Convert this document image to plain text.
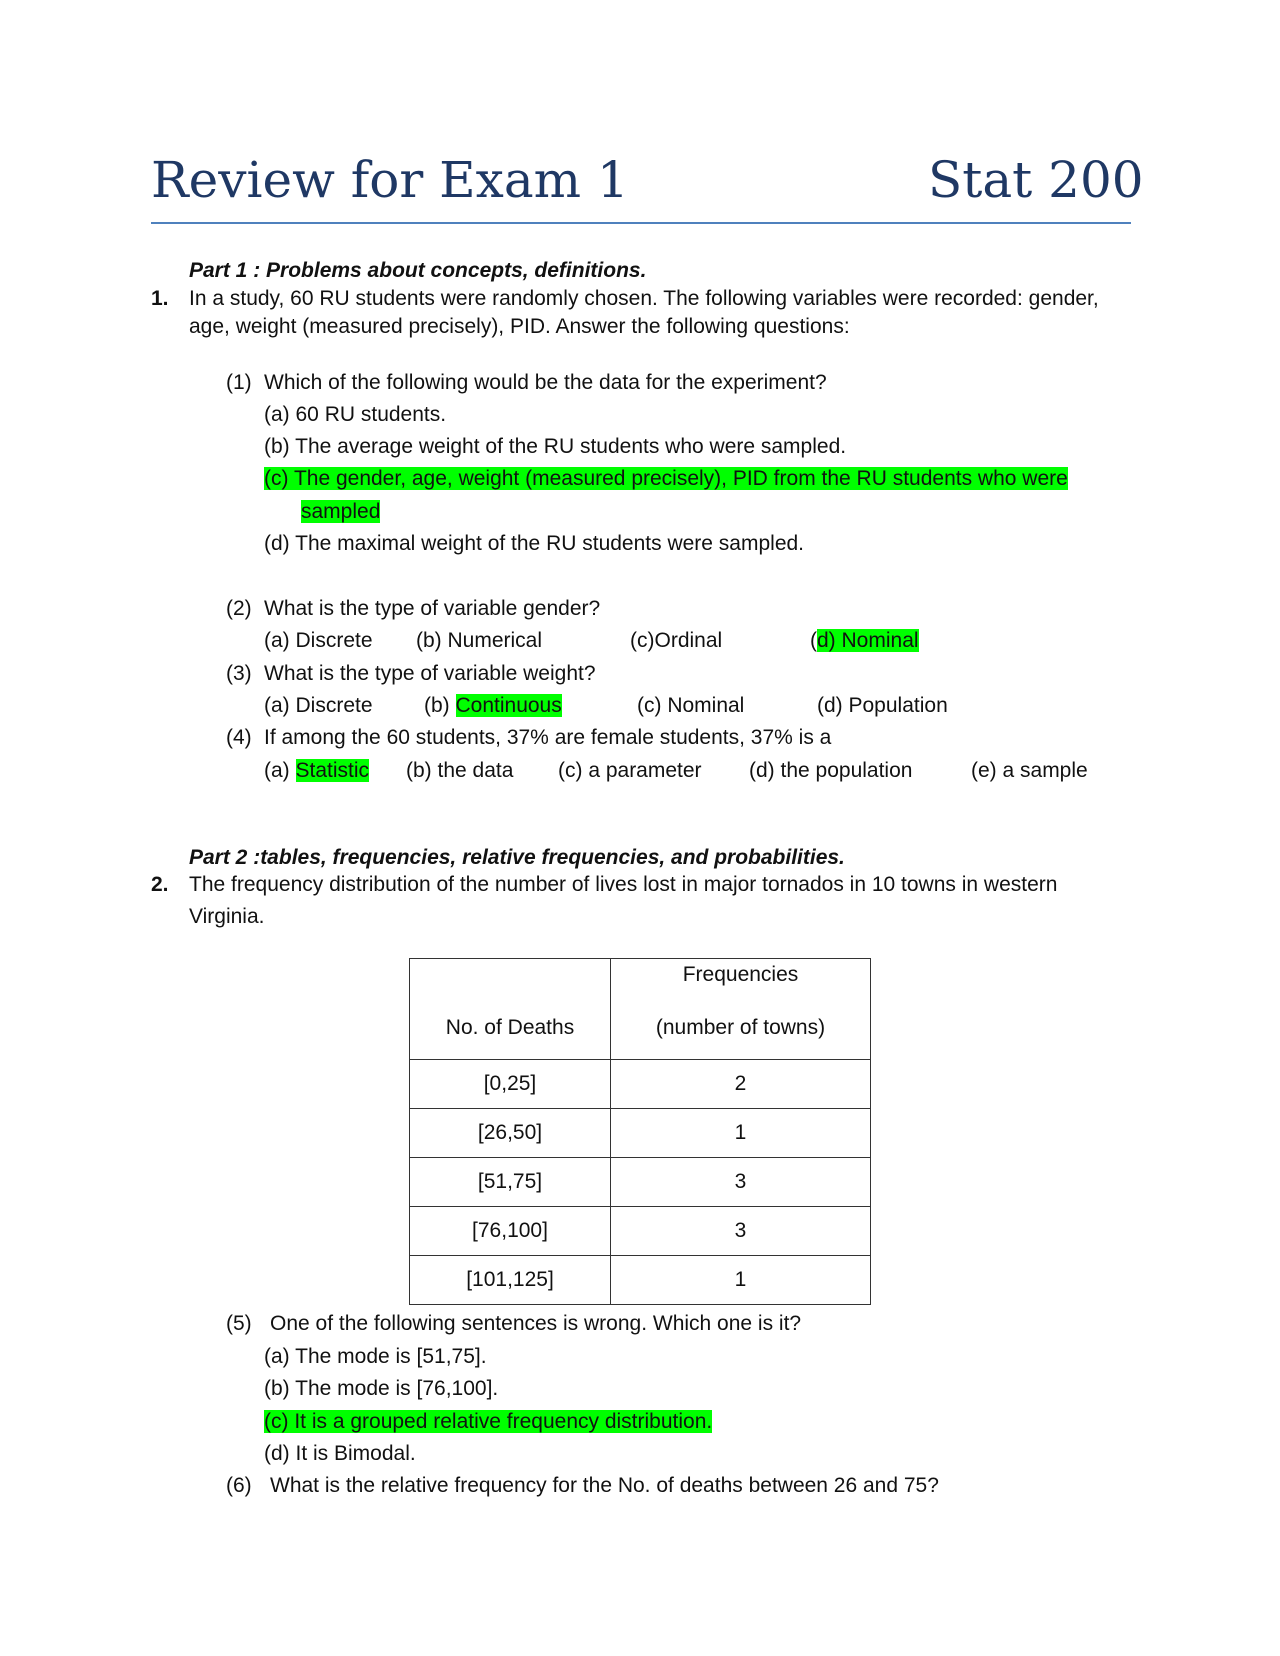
Review for Exam 1	Stat 200
Part 1 : Problems about concepts, definitions.
1. In a study, 60 RU students were randomly chosen. The following variables were recorded: gender,
age, weight (measured precisely), PID. Answer the following questions:
(1) Which of the following would be the data for the experiment?
(a) 60 RU students.
(b) The average weight of the RU students who were sampled.
(c) The gender, age, weight (measured precisely), PID from the RU students who were
sampled
(d) The maximal weight of the RU students were sampled.
(2) What is the type of variable gender?
(a) Discrete (b) Numerical	(c)Ordinal	(d) Nominal
(3) What is the type of variable weight?
(a) Discrete (b) Continuous	(c) Nominal	(d) Population
(4) If among the 60 students, 37% are female students, 37% is a
(a) Statistic (b) the data (c) a parameter (d) the population	(e) a sample
Part 2 :tables, frequencies, relative frequencies, and probabilities.
2. The frequency distribution of the number of lives lost in major tornados in 10 towns in western
Virginia.
No. of Deaths	Frequencies
(number of towns)

[0,25]	2
[26,50]	1
[51,75]	3
[76,100]	3
[101,125]	1
(5) One of the following sentences is wrong. Which one is it?
(a) The mode is [51,75].
(b) The mode is [76,100].
(c) It is a grouped relative frequency distribution.
(d) It is Bimodal.
(6) What is the relative frequency for the No. of deaths between 26 and 75?
